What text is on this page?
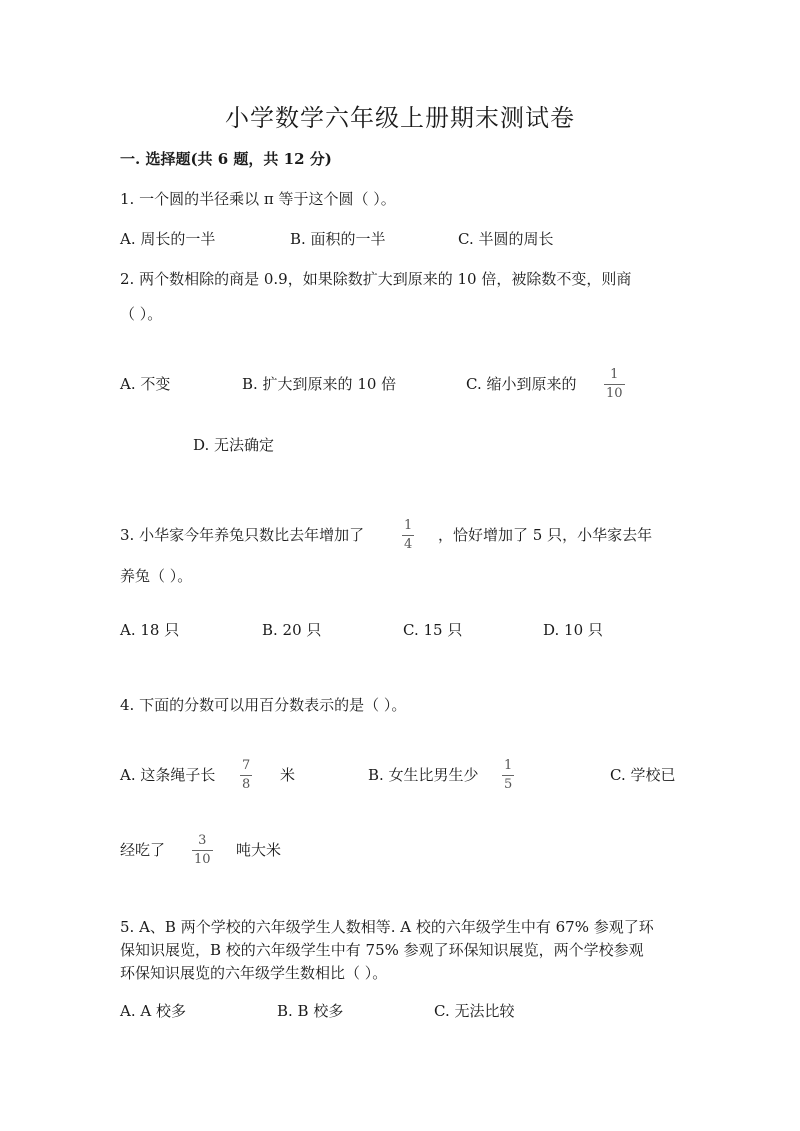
小学数学六年级上册期末测试卷
一. 选择题(共 6 题，共 12 分)
1. 一个圆的半径乘以 π 等于这个圆（ ）。
A. 周长的一半	B. 面积的一半	C. 半圆的周长
2. 两个数相除的商是 0.9，如果除数扩大到原来的 10 倍，被除数不变，则商
（ ）。
A. 不变	B. 扩大到原来的 10 倍	C. 缩小到原来的
1
10
D. 无法确定
3. 小华家今年养兔只数比去年增加了
1
4
，恰好增加了 5 只，小华家去年
养兔（ ）。
A. 18 只	B. 20 只	C. 15 只	D. 10 只
4. 下面的分数可以用百分数表示的是（ ）。
A. 这条绳子长
7
8
米	B. 女生比男生少
1
5
C. 学校已
经吃了
3
10
吨大米
5. A、B 两个学校的六年级学生人数相等. A 校的六年级学生中有 67% 参观了环
保知识展览，B 校的六年级学生中有 75% 参观了环保知识展览，两个学校参观
环保知识展览的六年级学生数相比（ ）。
A. A 校多	B. B 校多	C. 无法比较
